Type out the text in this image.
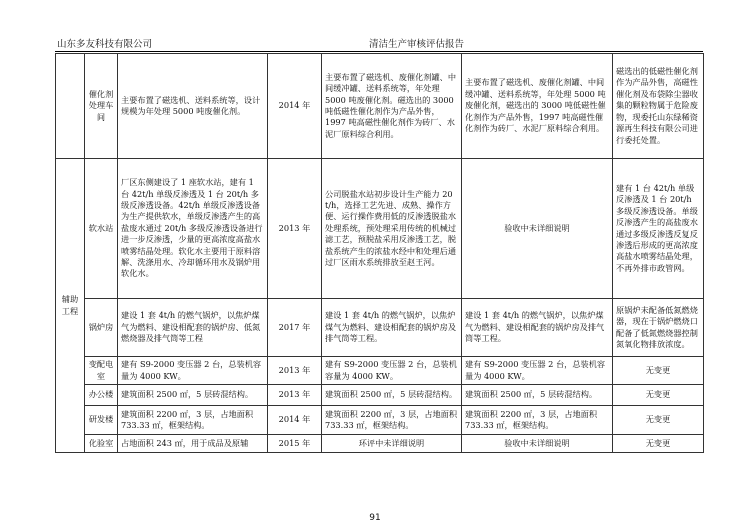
山东多友科技有限公司	清洁生产审核评估报告
	催化剂处理车间	主要布置了磁选机、送料系统等，设计规模为年处理 5000 吨废催化剂。	2014 年	主要布置了磁选机、废催化剂罐、中间缓冲罐、送料系统等，年处理 5000 吨废催化剂。磁选出的 3000 吨低磁性催化剂作为产品外售，1997 吨高磁性催化剂作为砖厂、水泥厂原料综合利用。	主要布置了磁选机、废催化剂罐、中间缓冲罐、送料系统等，年处理 5000 吨废催化剂，磁选出的 3000 吨低磁性催化剂作为产品外售，1997 吨高磁性催化剂作为砖厂、水泥厂原料综合利用。	磁选出的低磁性催化剂作为产品外售，高磁性催化剂及布袋除尘器收集的颗粒物属于危险废物，现委托山东绿稀资源再生科技有限公司进行委托处置。
辅助工程	软水站	厂区东侧建设了 1 座软水站，建有 1 台 42t/h 单级反渗透及 1 台 20t/h 多级反渗透设备。42t/h 单级反渗透设备为生产提供软水，单级反渗透产生的高盐废水通过 20t/h 多级反渗透设备进行进一步反渗透，少量的更高浓度高盐水喷雾结晶处理。软化水主要用于原料溶解、洗涤用水、冷却循环用水及锅炉用软化水。	2013 年	公司脱盐水站初步设计生产能力 20 t/h，选择工艺先进、成熟、操作方便、运行操作费用低的反渗透脱盐水处理系统，预处理采用传统的机械过滤工艺，预脱盐采用反渗透工艺，脱盐系统产生的浓盐水经中和处理后通过厂区雨水系统排放至赵王河。	验收中未详细说明	建有 1 台 42t/h 单级反渗透及 1 台 20t/h 多级反渗透设备。单级反渗透产生的高盐废水通过多级反渗透反复反渗透后形成的更高浓度高盐水喷雾结晶处理，不再外排市政管网。
	锅炉房	建设 1 套 4t/h 的燃气锅炉，以焦炉煤气为燃料、建设相配套的锅炉房、低氮燃烧器及排气筒等工程	2017 年	建设 1 套 4t/h 的燃气锅炉，以焦炉煤气为燃料、建设相配套的锅炉房及排气筒等工程。	建设 1 套 4t/h 的燃气锅炉，以焦炉煤气为燃料、建设相配套的锅炉房及排气筒等工程。	原锅炉未配备低氮燃烧器，现在于锅炉燃烧口配备了低氮燃烧器控制氮氧化物排放浓度。
	变配电室	建有 S9-2000 变压器 2 台，总装机容量为 4000 KW。	2013 年	建有 S9-2000 变压器 2 台，总装机容量为 4000 KW。	建有 S9-2000 变压器 2 台，总装机容量为 4000 KW。	无变更
	办公楼	建筑面积 2500 ㎡，5 层砖混结构。	2013 年	建筑面积 2500 ㎡，5 层砖混结构。	建筑面积 2500 ㎡，5 层砖混结构。	无变更
	研发楼	建筑面积 2200 ㎡，3 层，占地面积 733.33 ㎡，框架结构。	2014 年	建筑面积 2200 ㎡，3 层，占地面积 733.33 ㎡，框架结构。	建筑面积 2200 ㎡，3 层，占地面积 733.33 ㎡，框架结构。	无变更
	化验室	占地面积 243 ㎡，用于成品及原辅	2015 年	环评中未详细说明	验收中未详细说明	无变更
91
